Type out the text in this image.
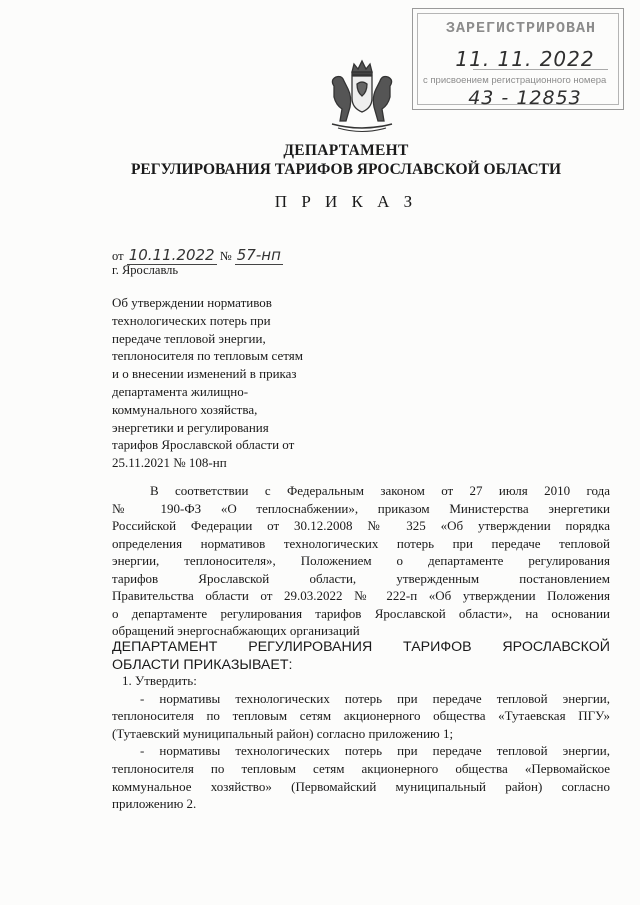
ЗАРЕГИСТРИРОВАН
11. 11. 2022
с присвоением регистрационного номера
43 - 12853
ДЕПАРТАМЕНТ
РЕГУЛИРОВАНИЯ ТАРИФОВ ЯРОСЛАВСКОЙ ОБЛАСТИ
П Р И К А З
от 10.11.2022 № 57-нп
г. Ярославль
Об утверждении нормативов
технологических потерь при
передаче тепловой энергии,
теплоносителя по тепловым сетям
и о внесении изменений в приказ
департамента жилищно-
коммунального хозяйства,
энергетики и регулирования
тарифов Ярославской области от
25.11.2021 № 108-нп
В соответствии с Федеральным законом от 27 июля 2010 года
№ 190-ФЗ «О теплоснабжении», приказом Министерства энергетики
Российской Федерации от 30.12.2008 № 325 «Об утверждении порядка
определения нормативов технологических потерь при передаче тепловой
энергии, теплоносителя», Положением о департаменте регулирования
тарифов Ярославской области, утвержденным постановлением
Правительства области от 29.03.2022 № 222-п «Об утверждении Положения
о департаменте регулирования тарифов Ярославской области», на основании
обращений энергоснабжающих организаций
ДЕПАРТАМЕНТ РЕГУЛИРОВАНИЯ ТАРИФОВ ЯРОСЛАВСКОЙ
ОБЛАСТИ ПРИКАЗЫВАЕТ:
1. Утвердить:
- нормативы технологических потерь при передаче тепловой энергии,
теплоносителя по тепловым сетям акционерного общества «Тутаевская ПГУ»
(Тутаевский муниципальный район) согласно приложению 1;
- нормативы технологических потерь при передаче тепловой энергии,
теплоносителя по тепловым сетям акционерного общества «Первомайское
коммунальное хозяйство» (Первомайский муниципальный район) согласно
приложению 2.
